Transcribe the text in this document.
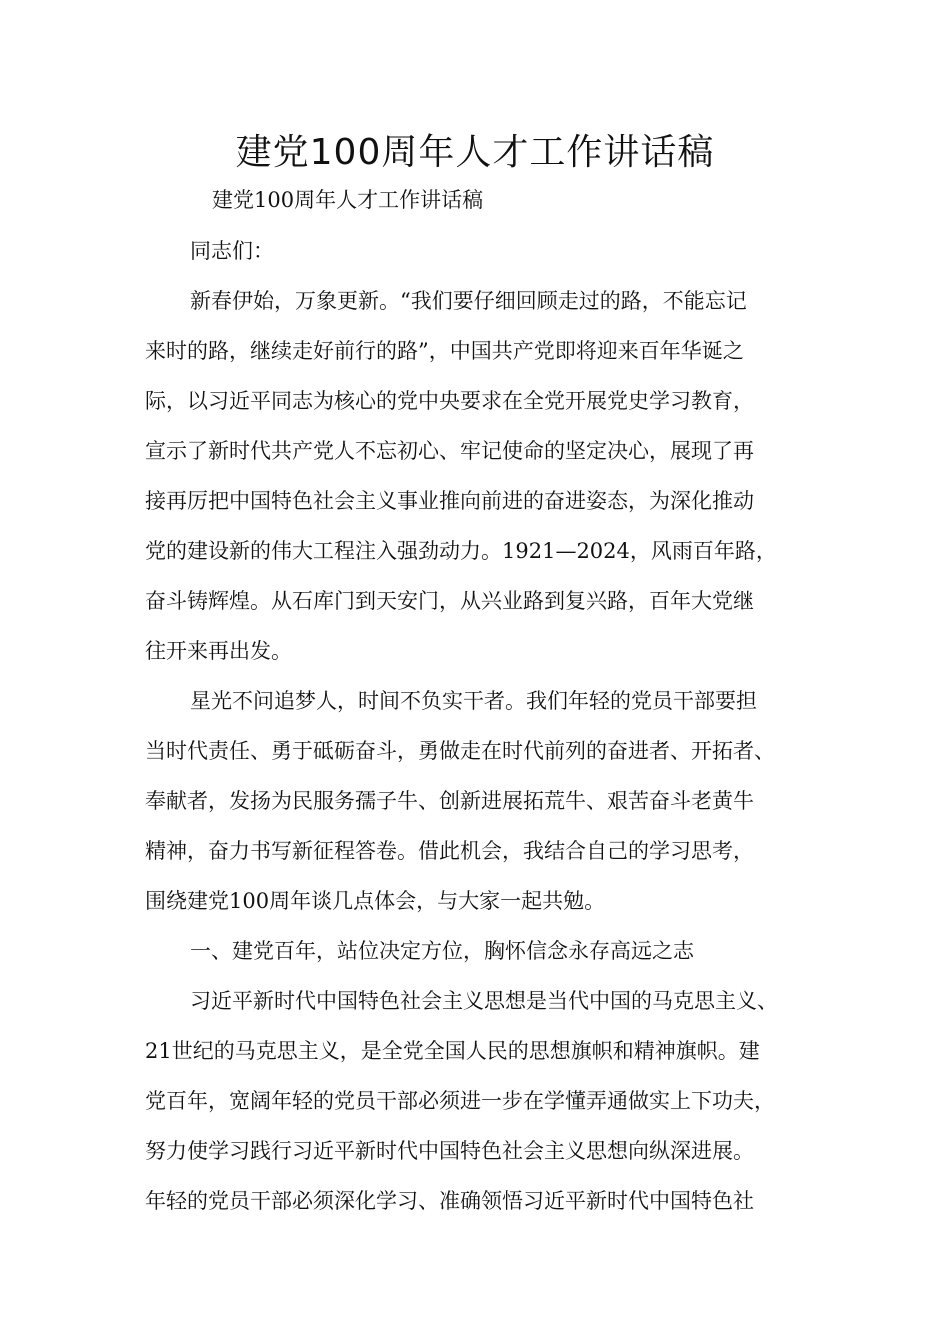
建党100周年人才工作讲话稿

建党100周年人才工作讲话稿

同志们：

新春伊始，万象更新。“我们要仔细回顾走过的路，不能忘记

来时的路，继续走好前行的路”，中国共产党即将迎来百年华诞之

际，以习近平同志为核心的党中央要求在全党开展党史学习教育，

宣示了新时代共产党人不忘初心、牢记使命的坚定决心，展现了再

接再厉把中国特色社会主义事业推向前进的奋进姿态，为深化推动

党的建设新的伟大工程注入强劲动力。1921—2024，风雨百年路，

奋斗铸辉煌。从石库门到天安门，从兴业路到复兴路，百年大党继

往开来再出发。

星光不问追梦人，时间不负实干者。我们年轻的党员干部要担

当时代责任、勇于砥砺奋斗，勇做走在时代前列的奋进者、开拓者、

奉献者，发扬为民服务孺子牛、创新进展拓荒牛、艰苦奋斗老黄牛

精神，奋力书写新征程答卷。借此机会，我结合自己的学习思考，

围绕建党100周年谈几点体会，与大家一起共勉。

一、建党百年，站位决定方位，胸怀信念永存高远之志

习近平新时代中国特色社会主义思想是当代中国的马克思主义、

21世纪的马克思主义，是全党全国人民的思想旗帜和精神旗帜。建

党百年，宽阔年轻的党员干部必须进一步在学懂弄通做实上下功夫，

努力使学习践行习近平新时代中国特色社会主义思想向纵深进展。

年轻的党员干部必须深化学习、准确领悟习近平新时代中国特色社
